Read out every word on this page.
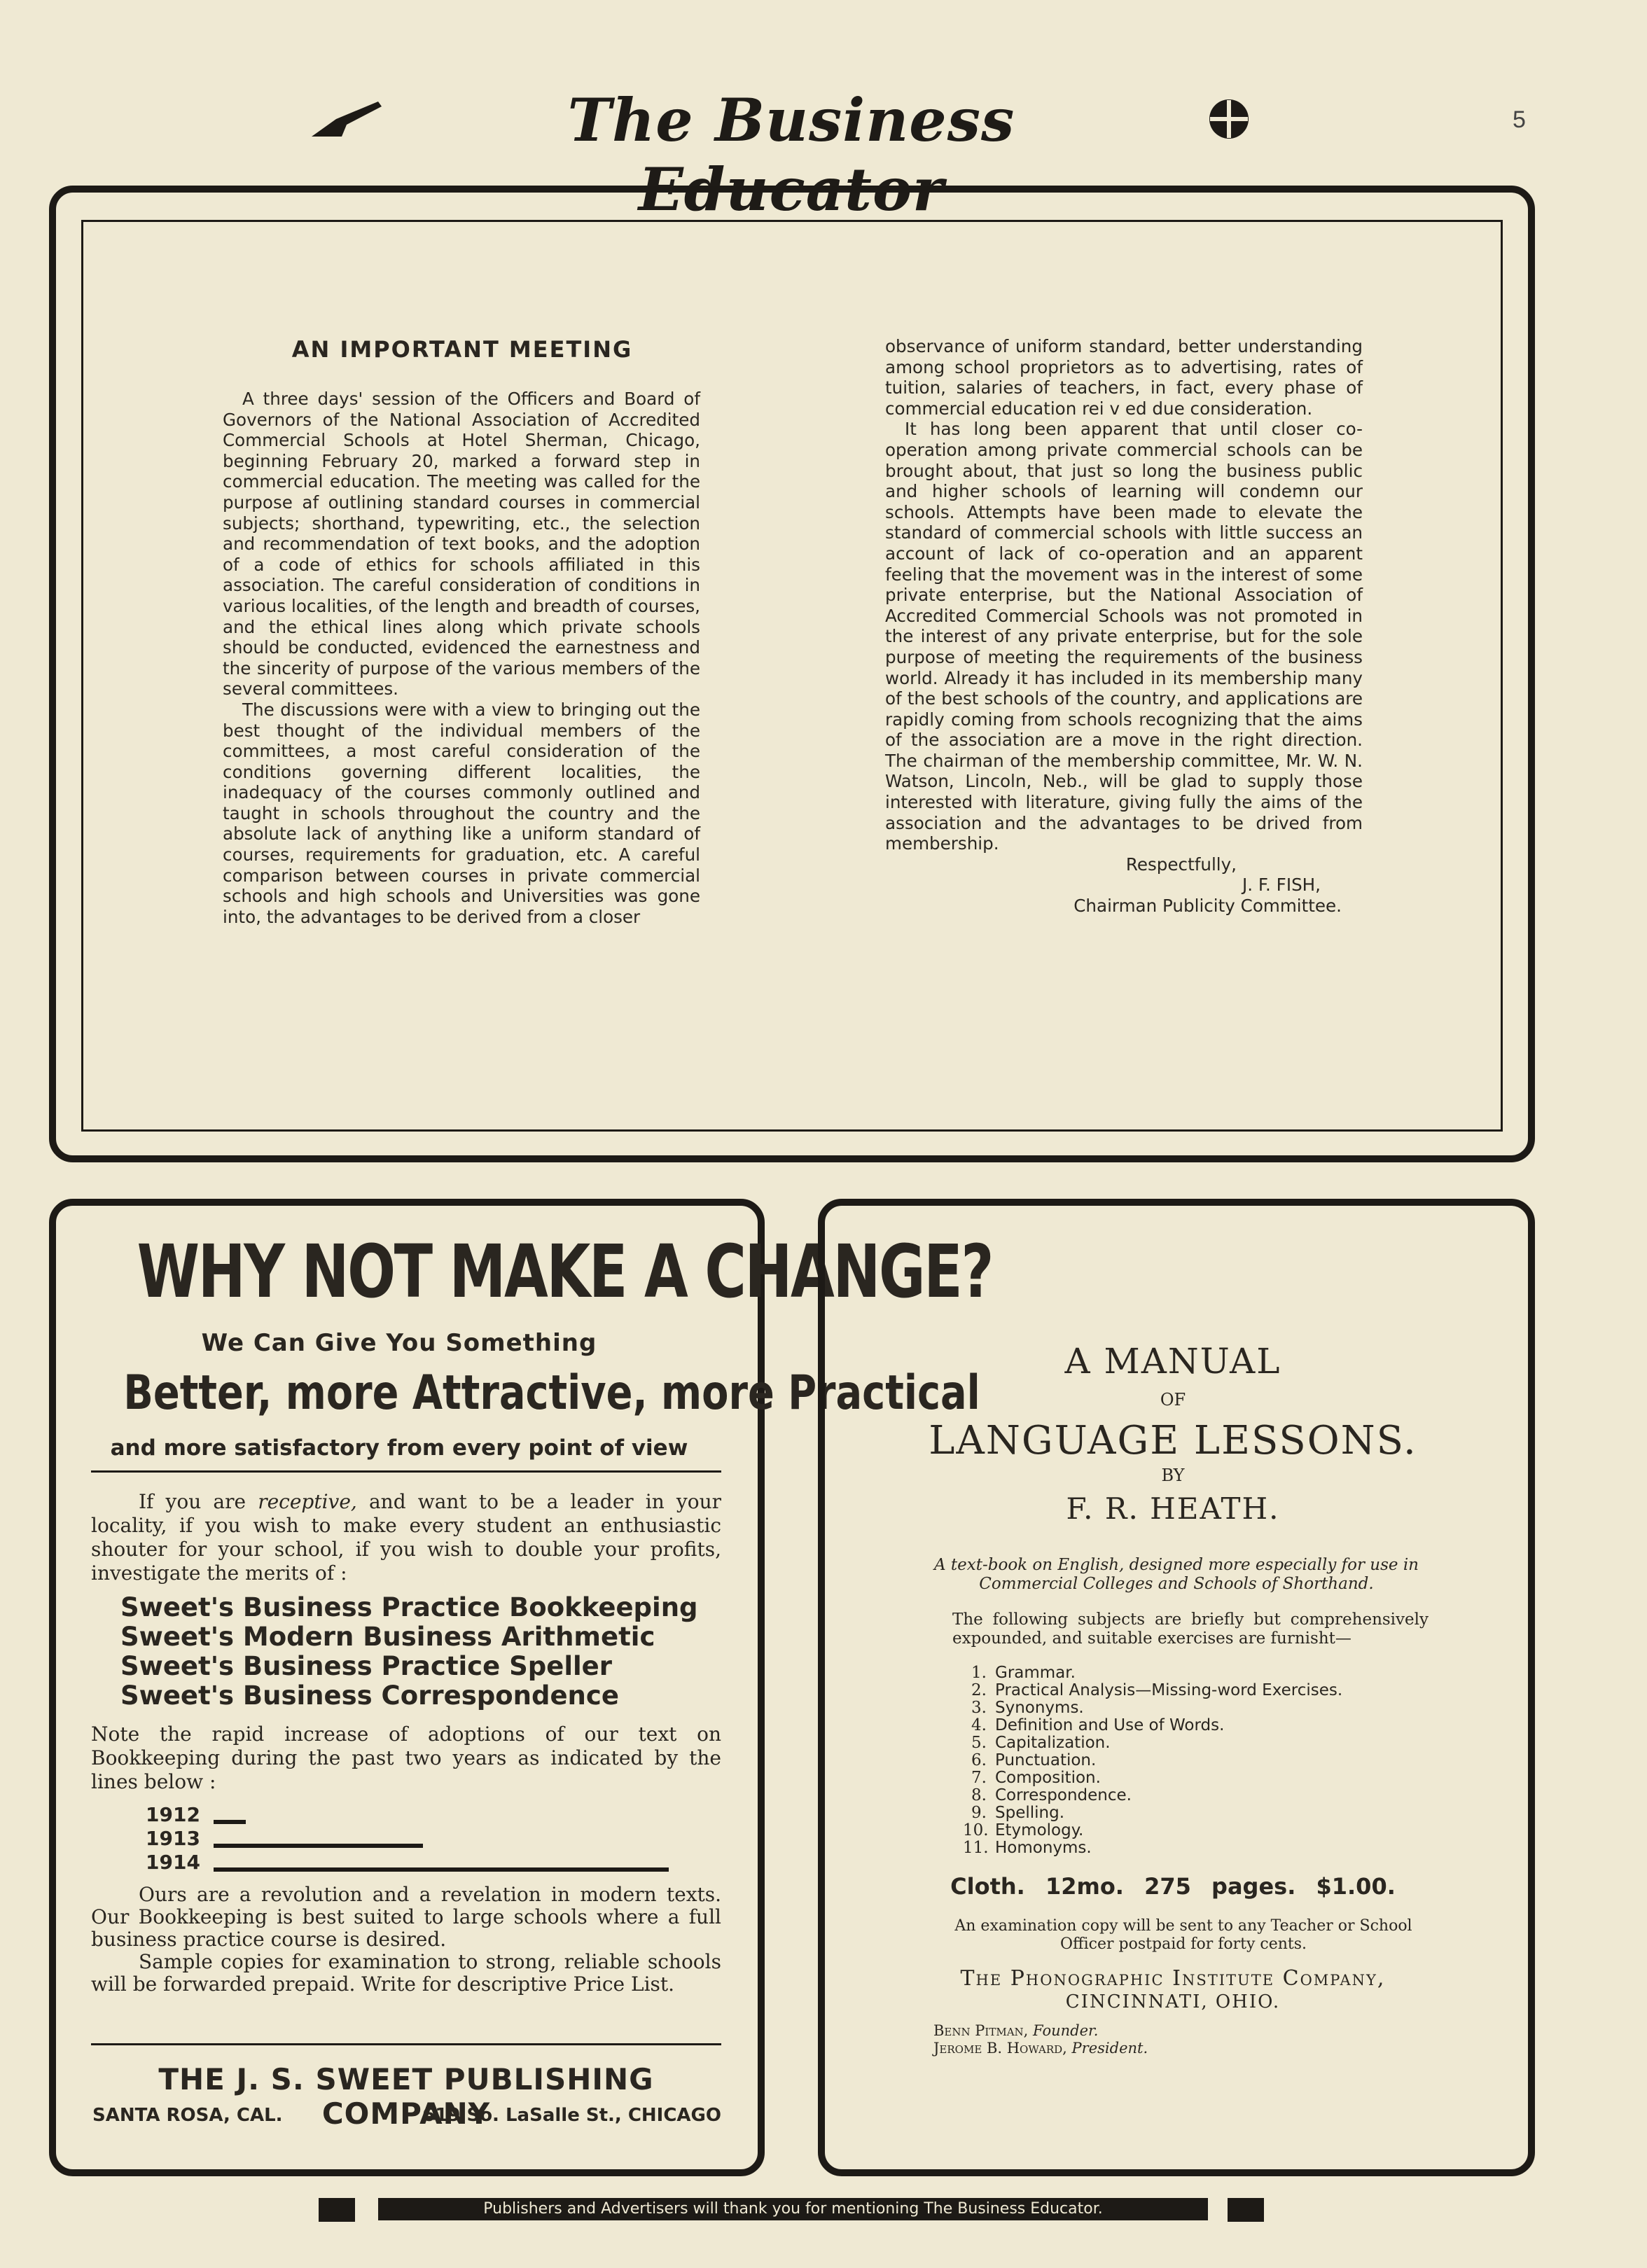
The Business Educator
5
AN IMPORTANT MEETING

A three days' session of the Officers and Board of Governors of the National Association of Accredited Commercial Schools at Hotel Sherman, Chicago, beginning February 20, marked a forward step in commercial education. The meeting was called for the purpose af outlining standard courses in commercial subjects; shorthand, typewriting, etc., the selection and recommendation of text books, and the adoption of a code of ethics for schools affiliated in this association. The careful consideration of conditions in various localities, of the length and breadth of courses, and the ethical lines along which private schools should be conducted, evidenced the earnestness and the sincerity of purpose of the various members of the several committees.

The discussions were with a view to bringing out the best thought of the individual members of the committees, a most careful consideration of the conditions governing different localities, the inadequacy of the courses commonly outlined and taught in schools throughout the country and the absolute lack of anything like a uniform standard of courses, requirements for graduation, etc. A careful comparison between courses in private commercial schools and high schools and Universities was gone into, the advantages to be derived from a closer

observance of uniform standard, better understanding among school proprietors as to advertising, rates of tuition, salaries of teachers, in fact, every phase of commercial education rei v ed due consideration.

It has long been apparent that until closer co-operation among private commercial schools can be brought about, that just so long the business public and higher schools of learning will condemn our schools. Attempts have been made to elevate the standard of commercial schools with little success an account of lack of co-operation and an apparent feeling that the movement was in the interest of some private enterprise, but the National Association of Accredited Commercial Schools was not promoted in the interest of any private enterprise, but for the sole purpose of meeting the requirements of the business world. Already it has included in its membership many of the best schools of the country, and applications are rapidly coming from schools recognizing that the aims of the association are a move in the right direction. The chairman of the membership committee, Mr. W. N. Watson, Lincoln, Neb., will be glad to supply those interested with literature, giving fully the aims of the association and the advantages to be drived from membership.

Respectfully,

J. F. FISH,

Chairman Publicity Committee.

WHY NOT MAKE A CHANGE?
We Can Give You Something
Better, more Attractive, more Practical
and more satisfactory from every point of view

If you are receptive, and want to be a leader in your locality, if you wish to make every student an enthusiastic shouter for your school, if you wish to double your profits, investigate the merits of :

Sweet's Business Practice Bookkeeping
Sweet's Modern Business Arithmetic
Sweet's Business Practice Speller
Sweet's Business Correspondence
Note the rapid increase of adoptions of our text on Bookkeeping during the past two years as indicated by the lines below :
1912
1913
1914

Ours are a revolution and a revelation in modern texts. Our Bookkeeping is best suited to large schools where a full business practice course is desired.

Sample copies for examination to strong, reliable schools will be forwarded prepaid. Write for descriptive Price List.

THE J. S. SWEET PUBLISHING COMPANY
SANTA ROSA, CAL.	619 So. LaSalle St., CHICAGO
A MANUAL
OF
LANGUAGE LESSONS.
BY
F. R. HEATH.
A text-book on English, designed more especially for use in Commercial Colleges and Schools of Shorthand.
The following subjects are briefly but comprehensively expounded, and suitable exercises are furnisht—
1. Grammar.
2. Practical Analysis—Missing-word Exercises.
3. Synonyms.
4. Definition and Use of Words.
5. Capitalization.
6. Punctuation.
7. Composition.
8. Correspondence.
9. Spelling.
10. Etymology.
11. Homonyms.
Cloth. 12mo. 275 pages. $1.00.
An examination copy will be sent to any Teacher or School Officer postpaid for forty cents.
The Phonographic Institute Company,
CINCINNATI, OHIO.
Benn Pitman, Founder.
Jerome B. Howard, President.
Publishers and Advertisers will thank you for mentioning The Business Educator.
